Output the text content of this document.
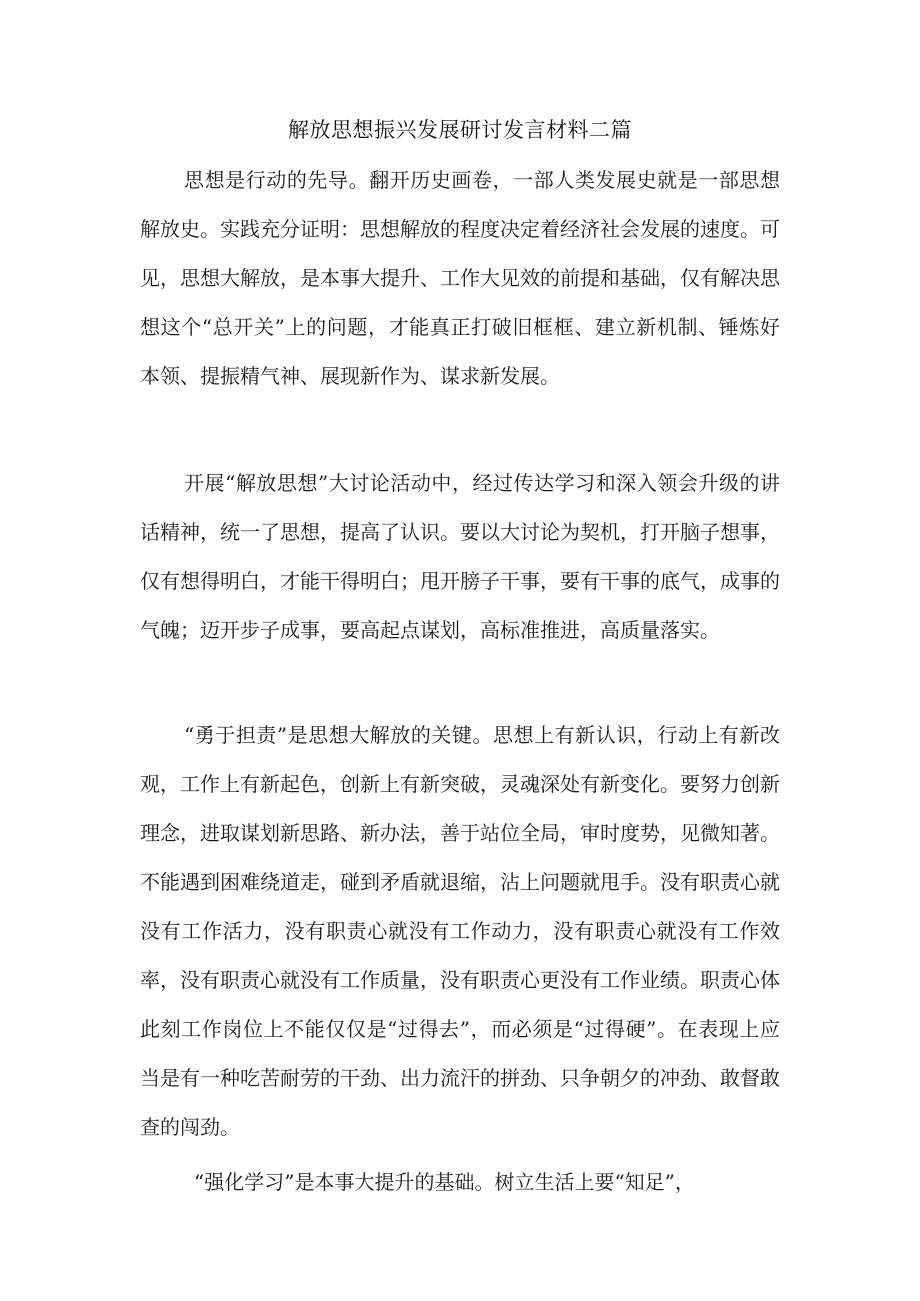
解放思想振兴发展研讨发言材料二篇

思想是行动的先导。翻开历史画卷，一部人类发展史就是一部思想解放史。实践充分证明：思想解放的程度决定着经济社会发展的速度。可见，思想大解放，是本事大提升、工作大见效的前提和基础，仅有解决思想这个“总开关”上的问题，才能真正打破旧框框、建立新机制、锤炼好本领、提振精气神、展现新作为、谋求新发展。

开展“解放思想”大讨论活动中，经过传达学习和深入领会升级的讲话精神，统一了思想，提高了认识。要以大讨论为契机，打开脑子想事，仅有想得明白，才能干得明白；甩开膀子干事，要有干事的底气，成事的气魄；迈开步子成事，要高起点谋划，高标准推进，高质量落实。

“勇于担责”是思想大解放的关键。思想上有新认识，行动上有新改观，工作上有新起色，创新上有新突破，灵魂深处有新变化。要努力创新理念，进取谋划新思路、新办法，善于站位全局，审时度势，见微知著。不能遇到困难绕道走，碰到矛盾就退缩，沾上问题就甩手。没有职责心就没有工作活力，没有职责心就没有工作动力，没有职责心就没有工作效率，没有职责心就没有工作质量，没有职责心更没有工作业绩。职责心体此刻工作岗位上不能仅仅是“过得去”，而必须是“过得硬”。在表现上应当是有一种吃苦耐劳的干劲、出力流汗的拼劲、只争朝夕的冲劲、敢督敢查的闯劲。

“强化学习”是本事大提升的基础。树立生活上要“知足”，
